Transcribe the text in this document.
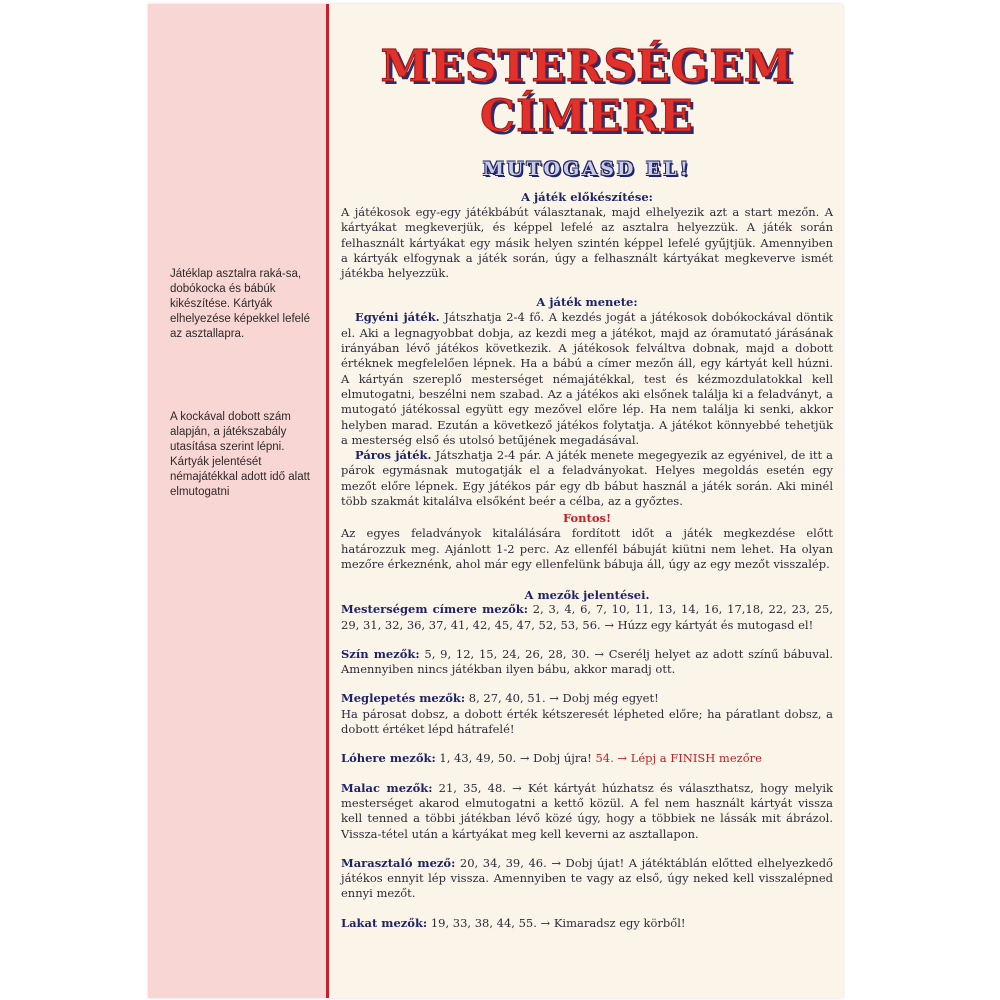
Játéklap asztalra raká-sa, dobókocka és bábúk kikészítése. Kártyák elhelyezése képekkel lefelé az asztallapra.
A kockával dobott szám alapján, a játékszabály utasítása szerint lépni. Kártyák jelentését némajátékkal adott idő alatt elmutogatni
MESTERSÉGEM
CÍMERE
MUTOGASD EL!
A játék előkészítése:

A játékosok egy-egy játékbábút választanak, majd elhelyezik azt a start mezőn. A kártyákat megkeverjük, és képpel lefelé az asztalra helyezzük. A játék során felhasznált kártyákat egy másik helyen szintén képpel lefelé gyűjtjük. Amennyiben a kártyák elfogynak a játék során, úgy a felhasznált kártyákat megkeverve ismét játékba helyezzük.

A játék menete:

Egyéni játék. Játszhatja 2-4 fő. A kezdés jogát a játékosok dobókockával döntik el. Aki a legnagyobbat dobja, az kezdi meg a játékot, majd az óramutató járásának irányában lévő játékos következik. A játékosok felváltva dobnak, majd a dobott értéknek megfelelően lépnek. Ha a bábú a címer mezőn áll, egy kártyát kell húzni. A kártyán szereplő mesterséget némajátékkal, test és kézmozdulatokkal kell elmutogatni, beszélni nem szabad. Az a játékos aki elsőnek találja ki a feladványt, a mutogató játékossal együtt egy mezővel előre lép. Ha nem találja ki senki, akkor helyben marad. Ezután a következő játékos folytatja. A játékot könnyebbé tehetjük a mesterség első és utolsó betűjének megadásával.

Páros játék. Játszhatja 2-4 pár. A játék menete megegyezik az egyénivel, de itt a párok egymásnak mutogatják el a feladványokat. Helyes megoldás esetén egy mezőt előre lépnek. Egy játékos pár egy db bábut használ a játék során. Aki minél több szakmát kitalálva elsőként beér a célba, az a győztes.

Fontos!

Az egyes feladványok kitalálására fordított időt a játék megkezdése előtt határozzuk meg. Ajánlott 1-2 perc. Az ellenfél bábuját kiütni nem lehet. Ha olyan mezőre érkeznénk, ahol már egy ellenfelünk bábuja áll, úgy az egy mezőt visszalép.

A mezők jelentései.

Mesterségem címere mezők: 2, 3, 4, 6, 7, 10, 11, 13, 14, 16, 17,18, 22, 23, 25, 29, 31, 32, 36, 37, 41, 42, 45, 47, 52, 53, 56. → Húzz egy kártyát és mutogasd el!

Szín mezők: 5, 9, 12, 15, 24, 26, 28, 30. → Cserélj helyet az adott színű bábuval. Amennyiben nincs játékban ilyen bábu, akkor maradj ott.

Meglepetés mezők: 8, 27, 40, 51. → Dobj még egyet!

Ha párosat dobsz, a dobott érték kétszeresét lépheted előre; ha páratlant dobsz, a dobott értéket lépd hátrafelé!

Lóhere mezők: 1, 43, 49, 50. → Dobj újra! 54. → Lépj a FINISH mezőre

Malac mezők: 21, 35, 48. → Két kártyát húzhatsz és választhatsz, hogy melyik mesterséget akarod elmutogatni a kettő közül. A fel nem használt kártyát vissza kell tenned a többi játékban lévő közé úgy, hogy a többiek ne lássák mit ábrázol. Vissza-tétel után a kártyákat meg kell keverni az asztallapon.

Marasztaló mező: 20, 34, 39, 46. → Dobj újat! A játéktáblán előtted elhelyezkedő játékos ennyit lép vissza. Amennyiben te vagy az első, úgy neked kell visszalépned ennyi mezőt.

Lakat mezők: 19, 33, 38, 44, 55. → Kimaradsz egy körből!
